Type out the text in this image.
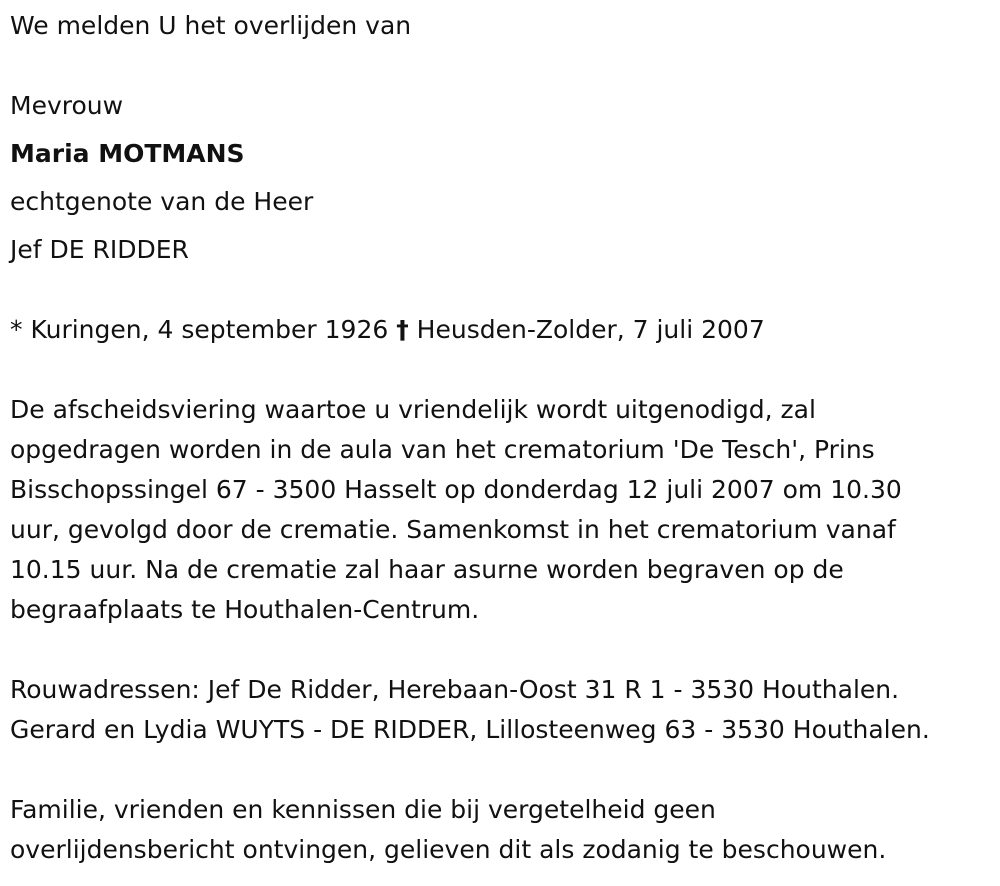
We melden U het overlijden van
Mevrouw
Maria MOTMANS
echtgenote van de Heer
Jef DE RIDDER
* Kuringen, 4 september 1926 † Heusden-Zolder, 7 juli 2007
De afscheidsviering waartoe u vriendelijk wordt uitgenodigd, zal
opgedragen worden in de aula van het crematorium 'De Tesch', Prins
Bisschopssingel 67 - 3500 Hasselt op donderdag 12 juli 2007 om 10.30
uur, gevolgd door de crematie. Samenkomst in het crematorium vanaf
10.15 uur. Na de crematie zal haar asurne worden begraven op de
begraafplaats te Houthalen-Centrum.
Rouwadressen: Jef De Ridder, Herebaan-Oost 31 R 1 - 3530 Houthalen.
Gerard en Lydia WUYTS - DE RIDDER, Lillosteenweg 63 - 3530 Houthalen.
Familie, vrienden en kennissen die bij vergetelheid geen
overlijdensbericht ontvingen, gelieven dit als zodanig te beschouwen.
